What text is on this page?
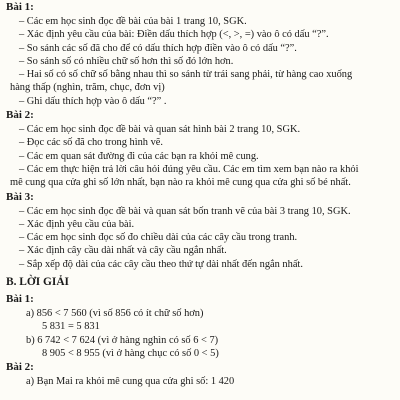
Bài 1:
– Các em học sinh đọc đề bài của bài 1 trang 10, SGK.
– Xác định yêu cầu của bài: Điền dấu thích hợp (<, >, =) vào ô có dấu “?”.
– So sánh các số đã cho để có dấu thích hợp điền vào ô có dấu “?”.
– So sánh số có nhiều chữ số hơn thì số đó lớn hơn.
– Hai số có số chữ số bằng nhau thì so sánh từ trái sang phải, từ hàng cao xuống
hàng thấp (nghìn, trăm, chục, đơn vị)
– Ghi dấu thích hợp vào ô dấu “?” .
Bài 2:
– Các em học sinh đọc đề bài và quan sát hình bài 2 trang 10, SGK.
– Đọc các số đã cho trong hình vẽ.
– Các em quan sát đường đi của các bạn ra khỏi mê cung.
– Các em thực hiện trả lời câu hỏi đúng yêu cầu. Các em tìm xem bạn nào ra khỏi
mê cung qua cửa ghi số lớn nhất, bạn nào ra khỏi mê cung qua cửa ghi số bé nhất.
Bài 3:
– Các em học sinh đọc đề bài và quan sát bốn tranh vẽ của bài 3 trang 10, SGK.
– Xác định yêu cầu của bài.
– Các em học sinh đọc số đo chiều dài của các cây cầu trong tranh.
– Xác định cây cầu dài nhất và cây cầu ngắn nhất.
– Sắp xếp độ dài của các cây cầu theo thứ tự dài nhất đến ngắn nhất.
B. LỜI GIẢI
Bài 1:
a) 856 < 7 560 (vì số 856 có ít chữ số hơn)
5 831 = 5 831
b) 6 742 < 7 624 (vì ở hàng nghìn có số 6 < 7)
8 905 < 8 955 (vì ở hàng chục có số 0 < 5)
Bài 2:
a) Bạn Mai ra khỏi mê cung qua cửa ghi số: 1 420
